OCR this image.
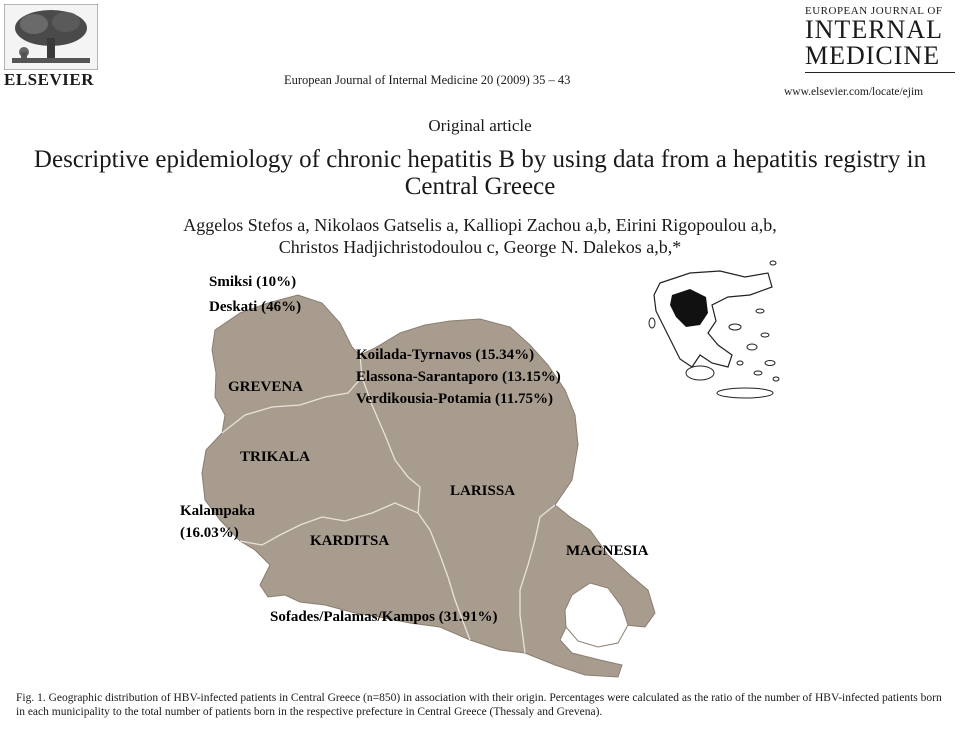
ELSEVIER	European Journal of Internal Medicine 20 (2009) 35 – 43
EUROPEAN JOURNAL OF
INTERNAL
MEDICINE
www.elsevier.com/locate/ejim
Original article
Descriptive epidemiology of chronic hepatitis B by using data from a hepatitis registry in Central Greece
Aggelos Stefos a, Nikolaos Gatselis a, Kalliopi Zachou a,b, Eirini Rigopoulou a,b,
Christos Hadjichristodoulou c, George N. Dalekos a,b,*
GREVENA
TRIKALA
KARDITSA
LARISSA
MAGNESIA
Smiksi (10%)
Deskati (46%)
Koilada-Tyrnavos (15.34%)
Elassona-Sarantaporo (13.15%)
Verdikousia-Potamia (11.75%)
Kalampaka
(16.03%)
Sofades/Palamas/Kampos (31.91%)
Fig. 1. Geographic distribution of HBV-infected patients in Central Greece (n=850) in association with their origin. Percentages were calculated as the ratio of the number of HBV-infected patients born in each municipality to the total number of patients born in the respective prefecture in Central Greece (Thessaly and Grevena).
